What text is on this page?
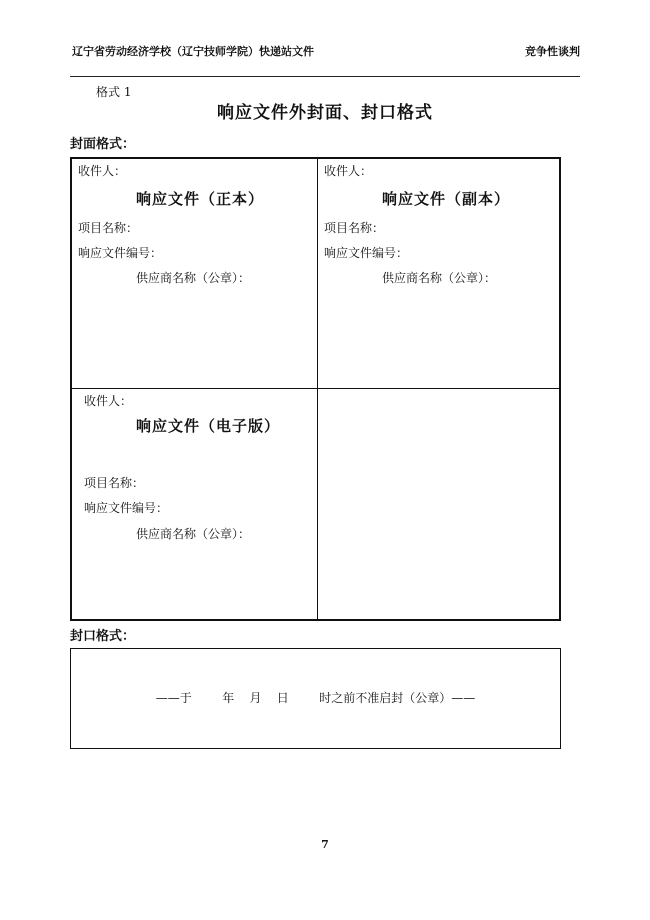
辽宁省劳动经济学校（辽宁技师学院）快递站文件	竞争性谈判
格式 1
响应文件外封面、封口格式
封面格式：
收件人：
响应文件（正本）
项目名称：
响应文件编号：
供应商名称（公章）：
收件人：
响应文件（副本）
项目名称：
响应文件编号：
供应商名称（公章）：
收件人：
响应文件（电子版）
项目名称：
响应文件编号：
供应商名称（公章）：
封口格式：
——于        年    月    日        时之前不准启封（公章）——
7
